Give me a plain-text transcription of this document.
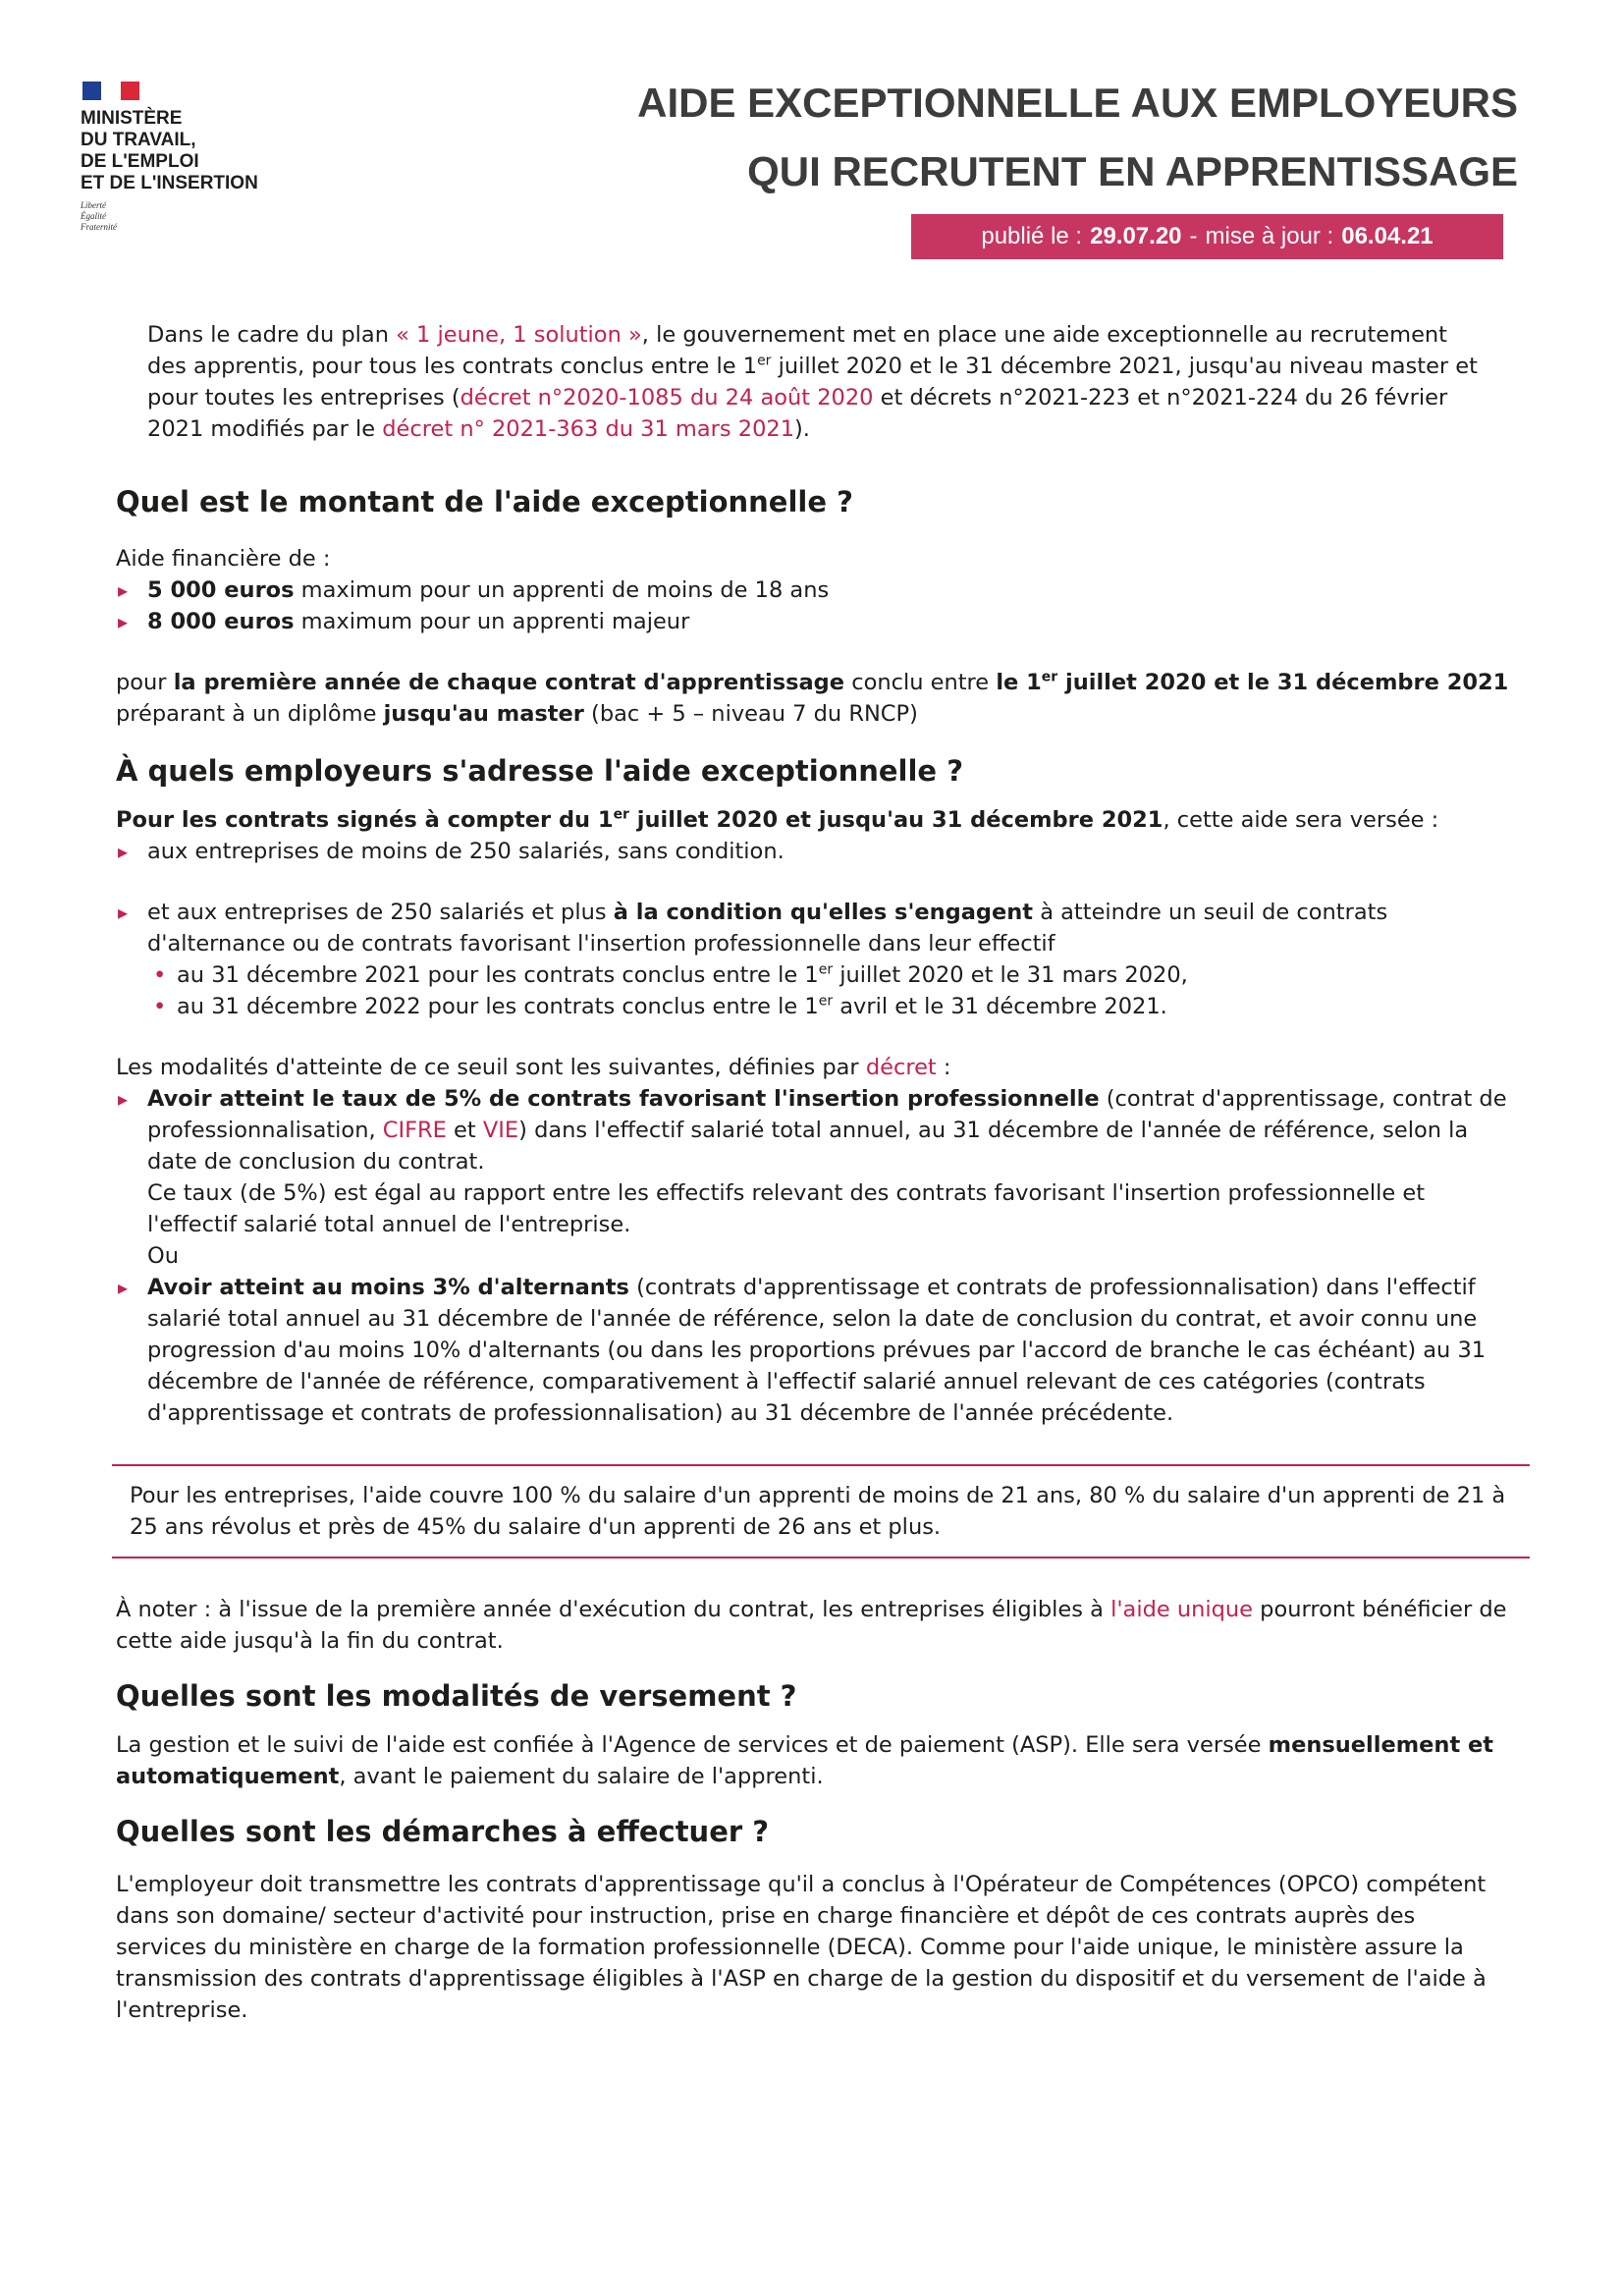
MINISTÈRE
DU TRAVAIL,
DE L'EMPLOI
ET DE L'INSERTION
Liberté
Égalité
Fraternité
AIDE EXCEPTIONNELLE AUX EMPLOYEURS
QUI RECRUTENT EN APPRENTISSAGE
publié le : 29.07.20 - mise à jour : 06.04.21

Dans le cadre du plan « 1 jeune, 1 solution », le gouvernement met en place une aide exceptionnelle au recrutement des apprentis, pour tous les contrats conclus entre le 1er juillet 2020 et le 31 décembre 2021, jusqu'au niveau master et pour toutes les entreprises (décret n°2020-1085 du 24 août 2020 et décrets n°2021-223 et n°2021-224 du 26 février 2021 modifiés par le décret n° 2021-363 du 31 mars 2021).

Quel est le montant de l'aide exceptionnelle ?

Aide financière de :

▸ 5 000 euros maximum pour un apprenti de moins de 18 ans
▸ 8 000 euros maximum pour un apprenti majeur

pour la première année de chaque contrat d'apprentissage conclu entre le 1er juillet 2020 et le 31 décembre 2021 préparant à un diplôme jusqu'au master (bac + 5 – niveau 7 du RNCP)

À quels employeurs s'adresse l'aide exceptionnelle ?

Pour les contrats signés à compter du 1er juillet 2020 et jusqu'au 31 décembre 2021, cette aide sera versée :

▸ aux entreprises de moins de 250 salariés, sans condition.
▸ et aux entreprises de 250 salariés et plus à la condition qu'elles s'engagent à atteindre un seuil de contrats d'alternance ou de contrats favorisant l'insertion professionnelle dans leur effectif
• au 31 décembre 2021 pour les contrats conclus entre le 1er juillet 2020 et le 31 mars 2020,
• au 31 décembre 2022 pour les contrats conclus entre le 1er avril et le 31 décembre 2021.

Les modalités d'atteinte de ce seuil sont les suivantes, définies par décret :

▸ Avoir atteint le taux de 5% de contrats favorisant l'insertion professionnelle (contrat d'apprentissage, contrat de professionnalisation, CIFRE et VIE) dans l'effectif salarié total annuel, au 31 décembre de l'année de référence, selon la date de conclusion du contrat.
Ce taux (de 5%) est égal au rapport entre les effectifs relevant des contrats favorisant l'insertion professionnelle et l'effectif salarié total annuel de l'entreprise.
Ou
▸ Avoir atteint au moins 3% d'alternants (contrats d'apprentissage et contrats de professionnalisation) dans l'effectif salarié total annuel au 31 décembre de l'année de référence, selon la date de conclusion du contrat, et avoir connu une progression d'au moins 10% d'alternants (ou dans les proportions prévues par l'accord de branche le cas échéant) au 31 décembre de l'année de référence, comparativement à l'effectif salarié annuel relevant de ces catégories (contrats d'apprentissage et contrats de professionnalisation) au 31 décembre de l'année précédente.

Pour les entreprises, l'aide couvre 100 % du salaire d'un apprenti de moins de 21 ans, 80 % du salaire d'un apprenti de 21 à 25 ans révolus et près de 45% du salaire d'un apprenti de 26 ans et plus.

À noter : à l'issue de la première année d'exécution du contrat, les entreprises éligibles à l'aide unique pourront bénéficier de cette aide jusqu'à la fin du contrat.

Quelles sont les modalités de versement ?

La gestion et le suivi de l'aide est confiée à l'Agence de services et de paiement (ASP). Elle sera versée mensuellement et automatiquement, avant le paiement du salaire de l'apprenti.

Quelles sont les démarches à effectuer ?

L'employeur doit transmettre les contrats d'apprentissage qu'il a conclus à l'Opérateur de Compétences (OPCO) compétent dans son domaine/ secteur d'activité pour instruction, prise en charge financière et dépôt de ces contrats auprès des services du ministère en charge de la formation professionnelle (DECA). Comme pour l'aide unique, le ministère assure la transmission des contrats d'apprentissage éligibles à l'ASP en charge de la gestion du dispositif et du versement de l'aide à l'entreprise.
